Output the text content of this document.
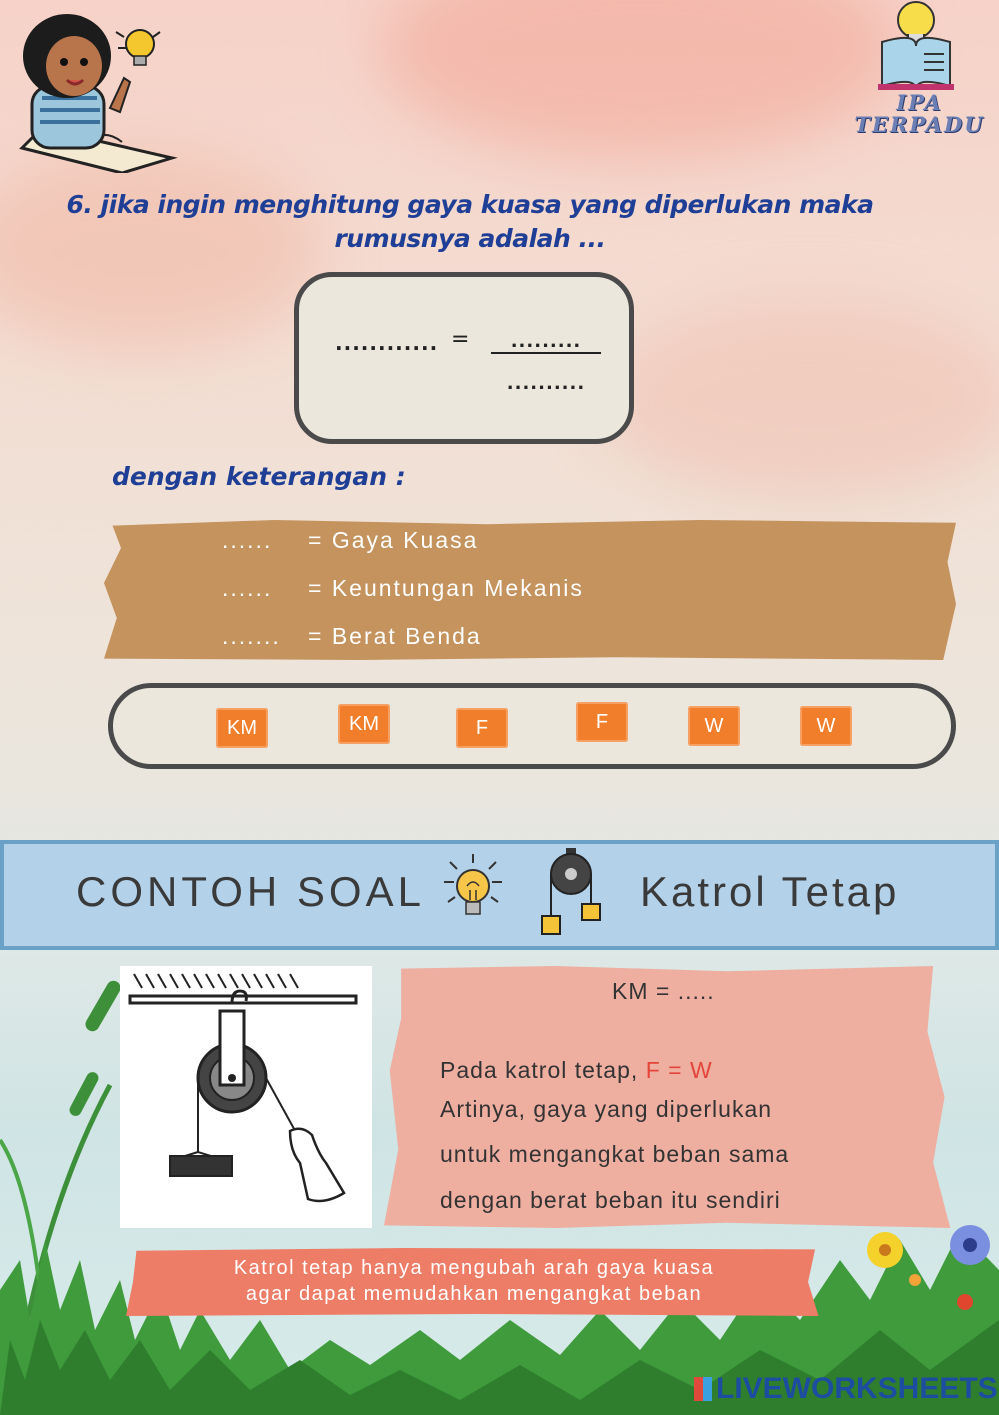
IPA TERPADU
6. jika ingin menghitung gaya kuasa yang diperlukan maka rumusnya adalah ...
............ =	.........
..........
dengan keterangan :
...... = Gaya Kuasa
...... = Keuntungan Mekanis
....... = Berat Benda
KM	KM	F	F	W	W
CONTOH SOAL	Katrol Tetap
KM = .....
Pada katrol tetap, F = W
Artinya, gaya yang diperlukan
untuk mengangkat beban sama
dengan berat beban itu sendiri
Katrol tetap hanya mengubah arah gaya kuasa
agar dapat memudahkan mengangkat beban
LIVEWORKSHEETS
